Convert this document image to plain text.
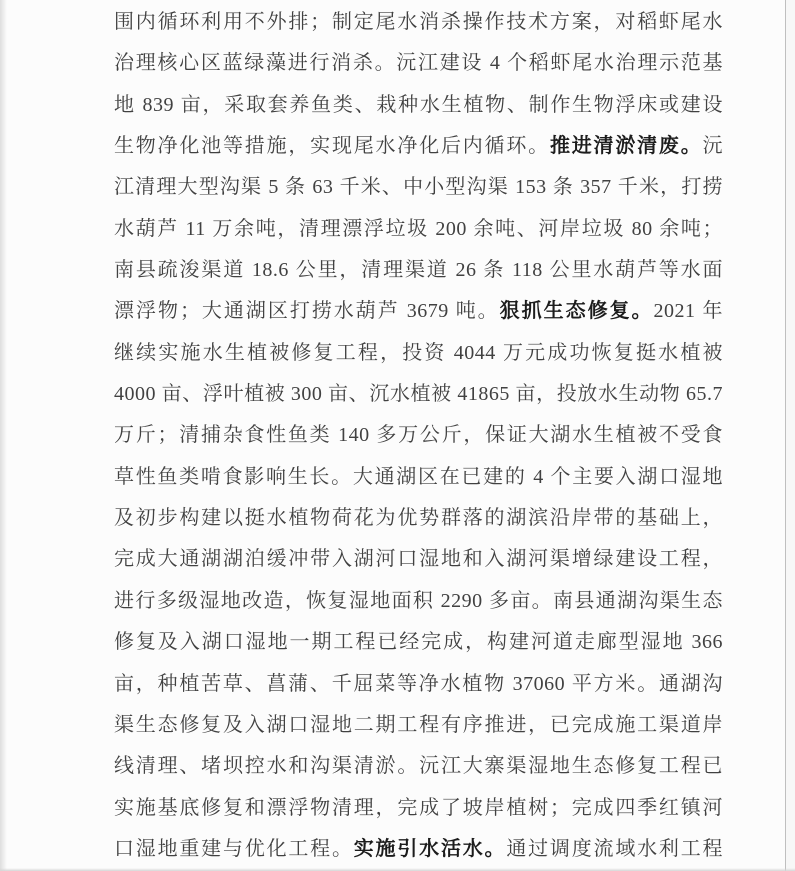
围内循环利用不外排；制定尾水消杀操作技术方案，对稻虾尾水
治理核心区蓝绿藻进行消杀。沅江建设 4 个稻虾尾水治理示范基
地 839 亩，采取套养鱼类、栽种水生植物、制作生物浮床或建设
生物净化池等措施，实现尾水净化后内循环。推进清淤清废。沅
江清理大型沟渠 5 条 63 千米、中小型沟渠 153 条 357 千米，打捞
水葫芦 11 万余吨，清理漂浮垃圾 200 余吨、河岸垃圾 80 余吨；
南县疏浚渠道 18.6 公里，清理渠道 26 条 118 公里水葫芦等水面
漂浮物；大通湖区打捞水葫芦 3679 吨。狠抓生态修复。2021 年
继续实施水生植被修复工程，投资 4044 万元成功恢复挺水植被
4000 亩、浮叶植被 300 亩、沉水植被 41865 亩，投放水生动物 65.7
万斤；清捕杂食性鱼类 140 多万公斤，保证大湖水生植被不受食
草性鱼类啃食影响生长。大通湖区在已建的 4 个主要入湖口湿地
及初步构建以挺水植物荷花为优势群落的湖滨沿岸带的基础上，
完成大通湖湖泊缓冲带入湖河口湿地和入湖河渠增绿建设工程，
进行多级湿地改造，恢复湿地面积 2290 多亩。南县通湖沟渠生态
修复及入湖口湿地一期工程已经完成，构建河道走廊型湿地 366
亩，种植苦草、菖蒲、千屈菜等净水植物 37060 平方米。通湖沟
渠生态修复及入湖口湿地二期工程有序推进，已完成施工渠道岸
线清理、堵坝控水和沟渠清淤。沅江大寨渠湿地生态修复工程已
实施基底修复和漂浮物清理，完成了坡岸植树；完成四季红镇河
口湿地重建与优化工程。实施引水活水。通过调度流域水利工程
